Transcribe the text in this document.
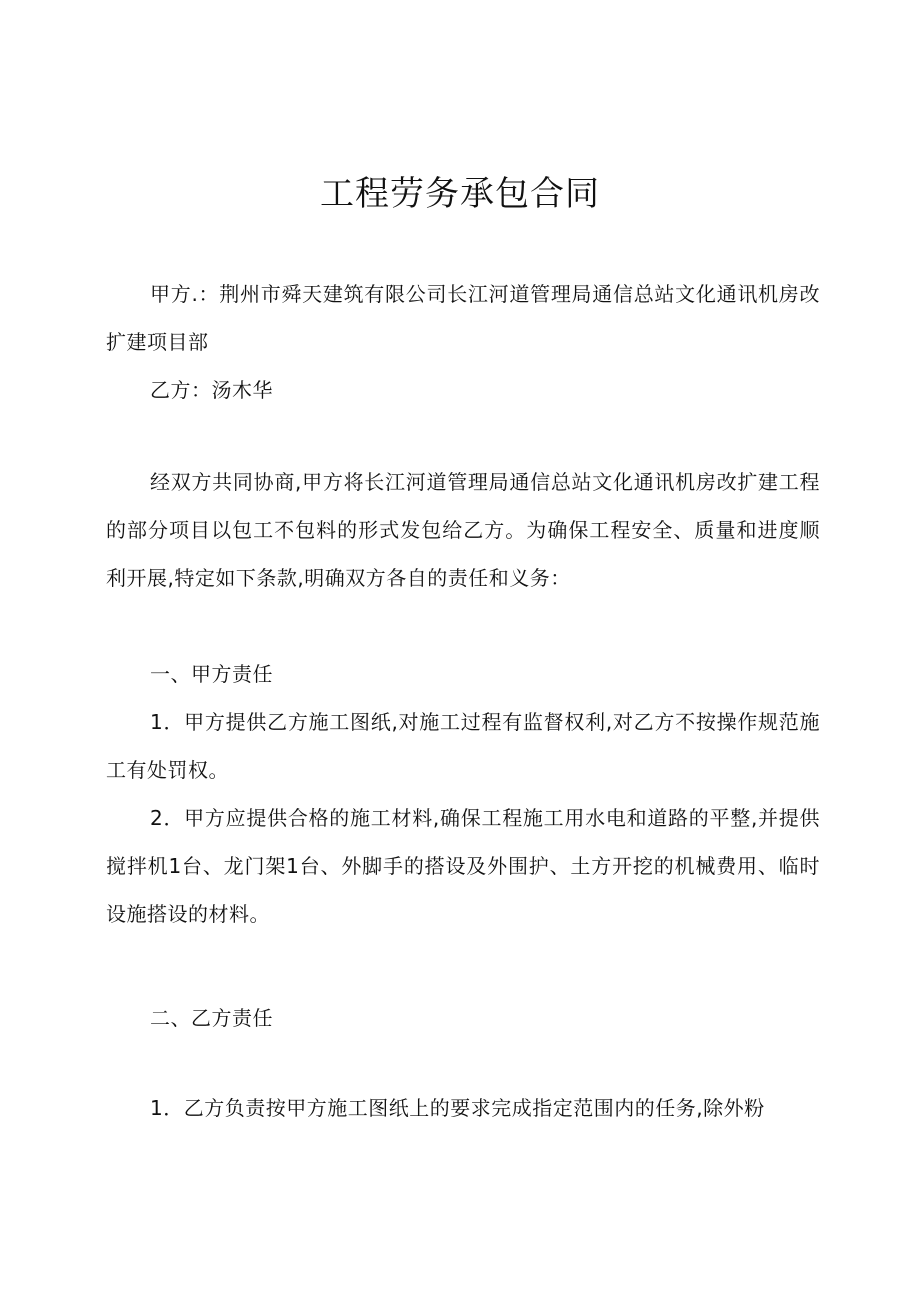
工程劳务承包合同

甲方.：荆州市舜天建筑有限公司长江河道管理局通信总站文化通讯机房改扩建项目部

乙方：汤木华

经双方共同协商,甲方将长江河道管理局通信总站文化通讯机房改扩建工程的部分项目以包工不包料的形式发包给乙方。为确保工程安全、质量和进度顺利开展,特定如下条款,明确双方各自的责任和义务：

一、甲方责任

1．甲方提供乙方施工图纸,对施工过程有监督权利,对乙方不按操作规范施工有处罚权。

2．甲方应提供合格的施工材料,确保工程施工用水电和道路的平整,并提供搅拌机1台、龙门架1台、外脚手的搭设及外围护、土方开挖的机械费用、临时设施搭设的材料。

二、乙方责任

1．乙方负责按甲方施工图纸上的要求完成指定范围内的任务,除外粉
